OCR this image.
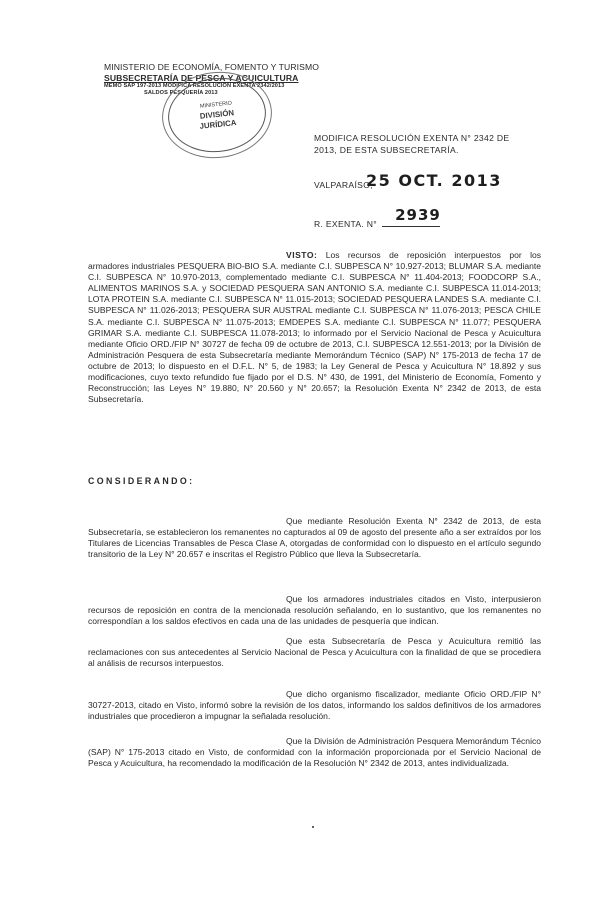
MINISTERIO DE ECONOMÍA, FOMENTO Y TURISMO
SUBSECRETARÍA DE PESCA Y ACUICULTURA
MEMO SAP 197-2013 MODIFICA RESOLUCIÓN EXENTA 2342/2013
SALDOS PESQUERÍA 2013
MINISTERIO
DIVISIÓN
JURÍDICA
MODIFICA RESOLUCIÓN EXENTA N° 2342 DE 2013, DE ESTA SUBSECRETARÍA.
VALPARAÍSO,
25 OCT. 2013
R. EXENTA. N° 2939

VISTO: Los recursos de reposición interpuestos por los armadores industriales PESQUERA BIO-BIO S.A. mediante C.I. SUBPESCA N° 10.927-2013; BLUMAR S.A. mediante C.I. SUBPESCA N° 10.970-2013, complementado mediante C.I. SUBPESCA N° 11.404-2013; FOODCORP S.A., ALIMENTOS MARINOS S.A. y SOCIEDAD PESQUERA SAN ANTONIO S.A. mediante C.I. SUBPESCA 11.014-2013; LOTA PROTEIN S.A. mediante C.I. SUBPESCA N° 11.015-2013; SOCIEDAD PESQUERA LANDES S.A. mediante C.I. SUBPESCA N° 11.026-2013; PESQUERA SUR AUSTRAL mediante C.I. SUBPESCA N° 11.076-2013; PESCA CHILE S.A. mediante C.I. SUBPESCA N° 11.075-2013; EMDEPES S.A. mediante C.I. SUBPESCA N° 11.077; PESQUERA GRIMAR S.A. mediante C.I. SUBPESCA 11.078-2013; lo informado por el Servicio Nacional de Pesca y Acuicultura mediante Oficio ORD./FIP N° 30727 de fecha 09 de octubre de 2013, C.I. SUBPESCA 12.551-2013; por la División de Administración Pesquera de esta Subsecretaría mediante Memorándum Técnico (SAP) N° 175-2013 de fecha 17 de octubre de 2013; lo dispuesto en el D.F.L. N° 5, de 1983; la Ley General de Pesca y Acuicultura N° 18.892 y sus modificaciones, cuyo texto refundido fue fijado por el D.S. N° 430, de 1991, del Ministerio de Economía, Fomento y Reconstrucción; las Leyes N° 19.880, N° 20.560 y N° 20.657; la Resolución Exenta N° 2342 de 2013, de esta Subsecretaría.

CONSIDERANDO:

Que mediante Resolución Exenta N° 2342 de 2013, de esta Subsecretaría, se establecieron los remanentes no capturados al 09 de agosto del presente año a ser extraídos por los Titulares de Licencias Transables de Pesca Clase A, otorgadas de conformidad con lo dispuesto en el artículo segundo transitorio de la Ley N° 20.657 e inscritas el Registro Público que lleva la Subsecretaría.

Que los armadores industriales citados en Visto, interpusieron recursos de reposición en contra de la mencionada resolución señalando, en lo sustantivo, que los remanentes no correspondían a los saldos efectivos en cada una de las unidades de pesquería que indican.

Que esta Subsecretaría de Pesca y Acuicultura remitió las reclamaciones con sus antecedentes al Servicio Nacional de Pesca y Acuicultura con la finalidad de que se procediera al análisis de recursos interpuestos.

Que dicho organismo fiscalizador, mediante Oficio ORD./FIP N° 30727-2013, citado en Visto, informó sobre la revisión de los datos, informando los saldos definitivos de los armadores industriales que procedieron a impugnar la señalada resolución.

Que la División de Administración Pesquera Memorándum Técnico (SAP) N° 175-2013 citado en Visto, de conformidad con la información proporcionada por el Servicio Nacional de Pesca y Acuicultura, ha recomendado la modificación de la Resolución N° 2342 de 2013, antes individualizada.
